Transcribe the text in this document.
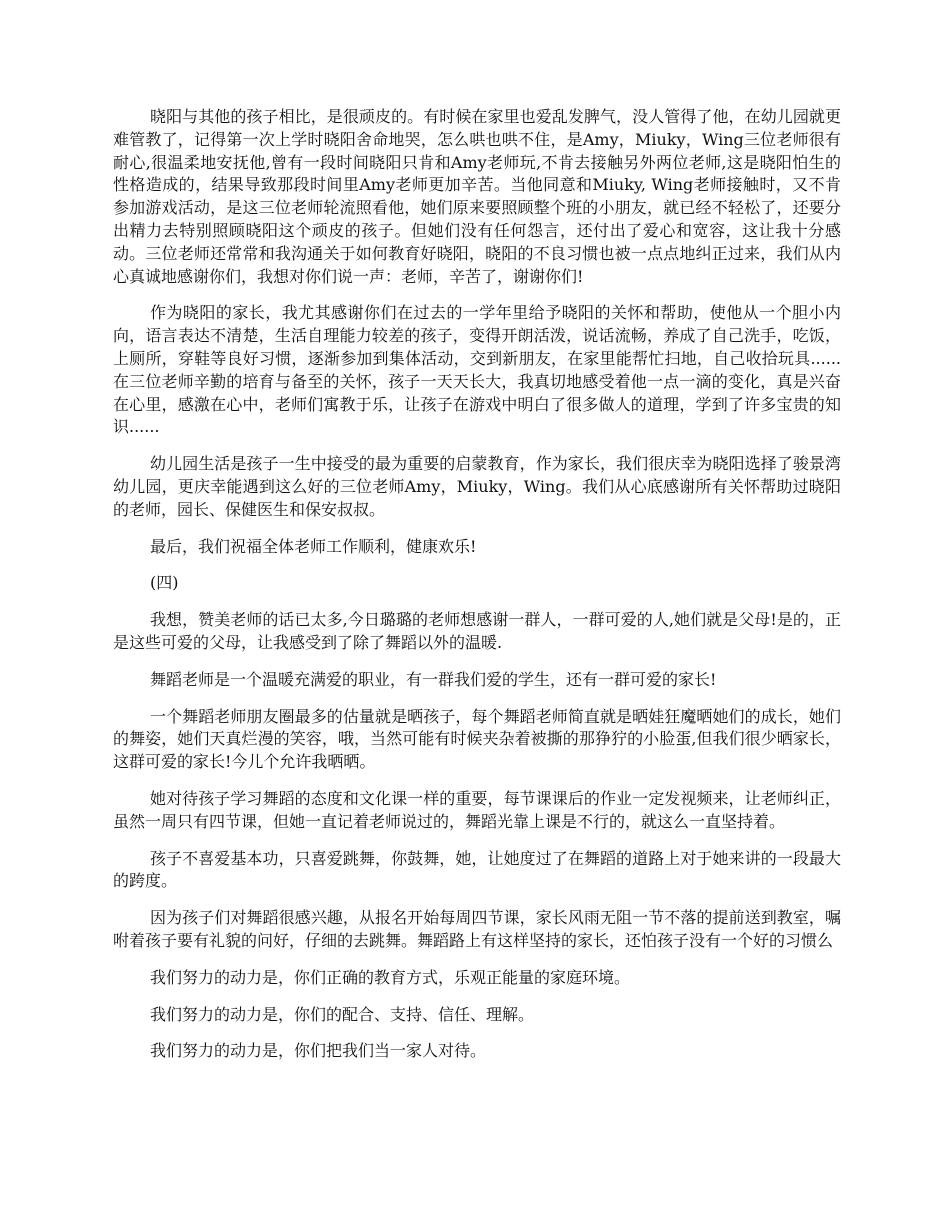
晓阳与其他的孩子相比，是很顽皮的。有时候在家里也爱乱发脾气，没人管得了他，在幼儿园就更难管教了，记得第一次上学时晓阳舍命地哭，怎么哄也哄不住，是Amy，Miuky，Wing三位老师很有耐心,很温柔地安抚他,曾有一段时间晓阳只肯和Amy老师玩,不肯去接触另外两位老师,这是晓阳怕生的性格造成的，结果导致那段时间里Amy老师更加辛苦。当他同意和Miuky, Wing老师接触时，又不肯参加游戏活动，是这三位老师轮流照看他，她们原来要照顾整个班的小朋友，就已经不轻松了，还要分出精力去特别照顾晓阳这个顽皮的孩子。但她们没有任何怨言，还付出了爱心和宽容，这让我十分感动。三位老师还常常和我沟通关于如何教育好晓阳，晓阳的不良习惯也被一点点地纠正过来，我们从内心真诚地感谢你们，我想对你们说一声：老师，辛苦了，谢谢你们!

作为晓阳的家长，我尤其感谢你们在过去的一学年里给予晓阳的关怀和帮助，使他从一个胆小内向，语言表达不清楚，生活自理能力较差的孩子，变得开朗活泼，说话流畅，养成了自己洗手，吃饭，上厕所，穿鞋等良好习惯，逐渐参加到集体活动，交到新朋友，在家里能帮忙扫地，自己收拾玩具......在三位老师辛勤的培育与备至的关怀，孩子一天天长大，我真切地感受着他一点一滴的变化，真是兴奋在心里，感激在心中，老师们寓教于乐，让孩子在游戏中明白了很多做人的道理，学到了许多宝贵的知识......

幼儿园生活是孩子一生中接受的最为重要的启蒙教育，作为家长，我们很庆幸为晓阳选择了骏景湾幼儿园，更庆幸能遇到这么好的三位老师Amy，Miuky，Wing。我们从心底感谢所有关怀帮助过晓阳的老师，园长、保健医生和保安叔叔。

最后，我们祝福全体老师工作顺利，健康欢乐!

(四)

我想，赞美老师的话已太多,今日璐璐的老师想感谢一群人，一群可爱的人,她们就是父母!是的，正是这些可爱的父母，让我感受到了除了舞蹈以外的温暖.

舞蹈老师是一个温暖充满爱的职业，有一群我们爱的学生，还有一群可爱的家长!

一个舞蹈老师朋友圈最多的估量就是晒孩子，每个舞蹈老师简直就是晒娃狂魔晒她们的成长，她们的舞姿，她们天真烂漫的笑容，哦，当然可能有时候夹杂着被撕的那狰狞的小脸蛋,但我们很少晒家长，这群可爱的家长!今儿个允许我晒晒。

她对待孩子学习舞蹈的态度和文化课一样的重要，每节课课后的作业一定发视频来，让老师纠正，虽然一周只有四节课，但她一直记着老师说过的，舞蹈光靠上课是不行的，就这么一直坚持着。

孩子不喜爱基本功，只喜爱跳舞，你鼓舞，她，让她度过了在舞蹈的道路上对于她来讲的一段最大的跨度。

因为孩子们对舞蹈很感兴趣，从报名开始每周四节课，家长风雨无阻一节不落的提前送到教室，嘱咐着孩子要有礼貌的问好，仔细的去跳舞。舞蹈路上有这样坚持的家长，还怕孩子没有一个好的习惯么

我们努力的动力是，你们正确的教育方式，乐观正能量的家庭环境。

我们努力的动力是，你们的配合、支持、信任、理解。

我们努力的动力是，你们把我们当一家人对待。
